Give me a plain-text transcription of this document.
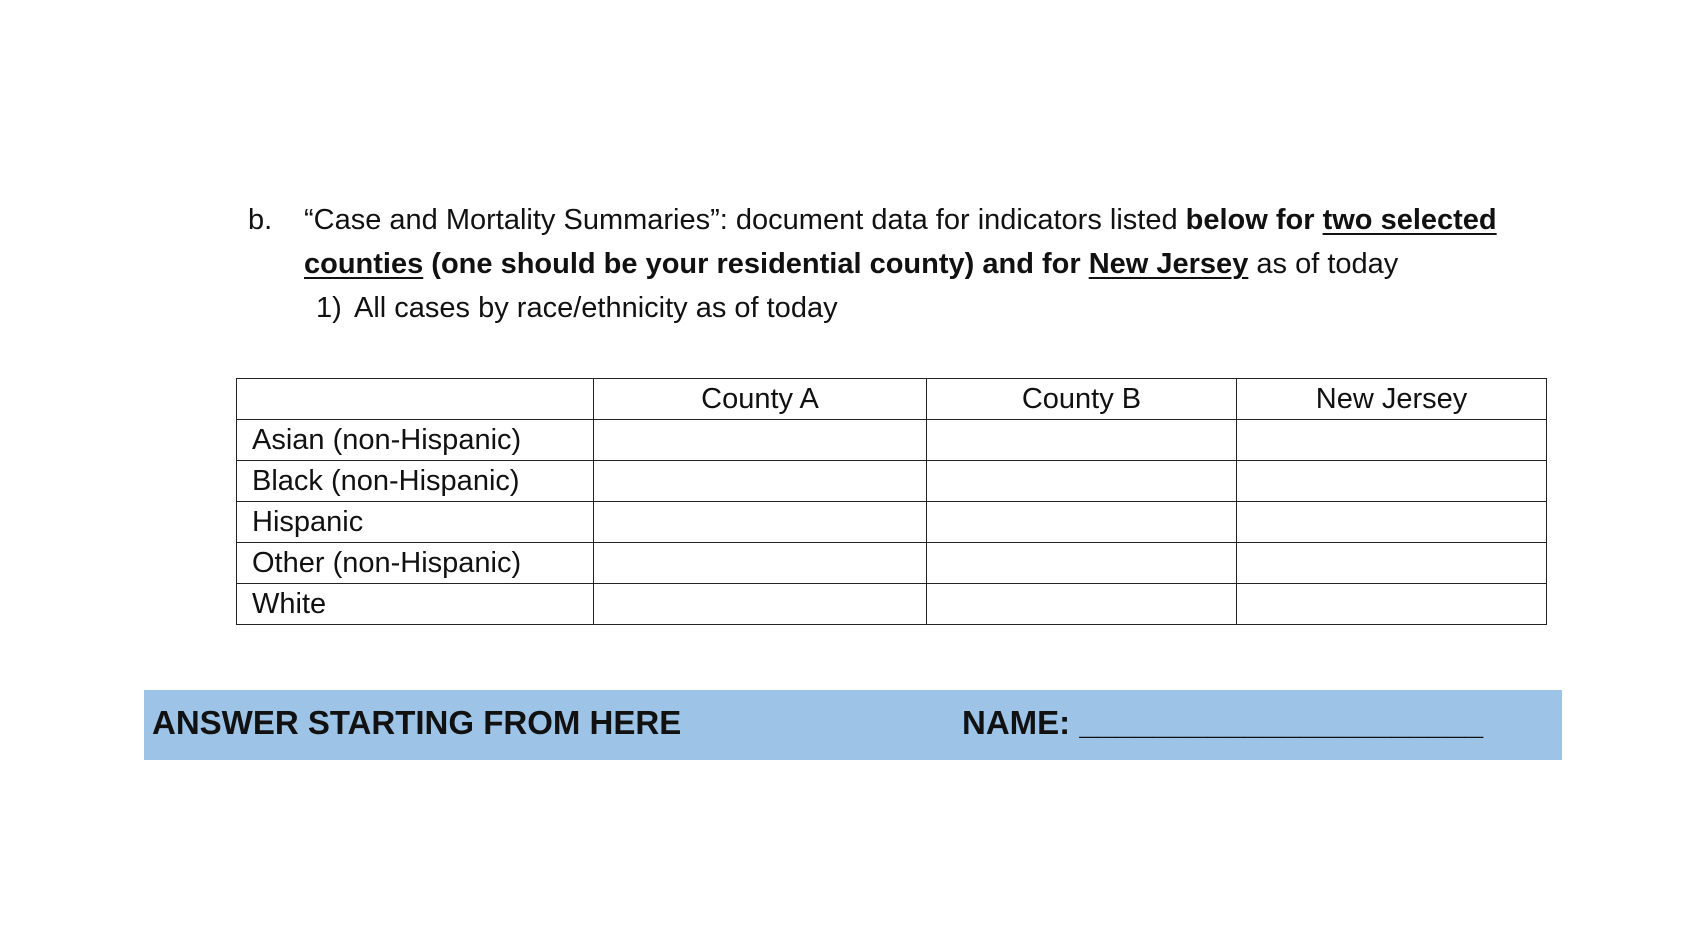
b. “Case and Mortality Summaries”: document data for indicators listed below for two selected counties (one should be your residential county) and for New Jersey as of today
1) All cases by race/ethnicity as of today
	County A	County B	New Jersey
Asian (non-Hispanic)			
Black (non-Hispanic)			
Hispanic			
Other (non-Hispanic)			
White			
ANSWER STARTING FROM HERE	NAME: ______________________
